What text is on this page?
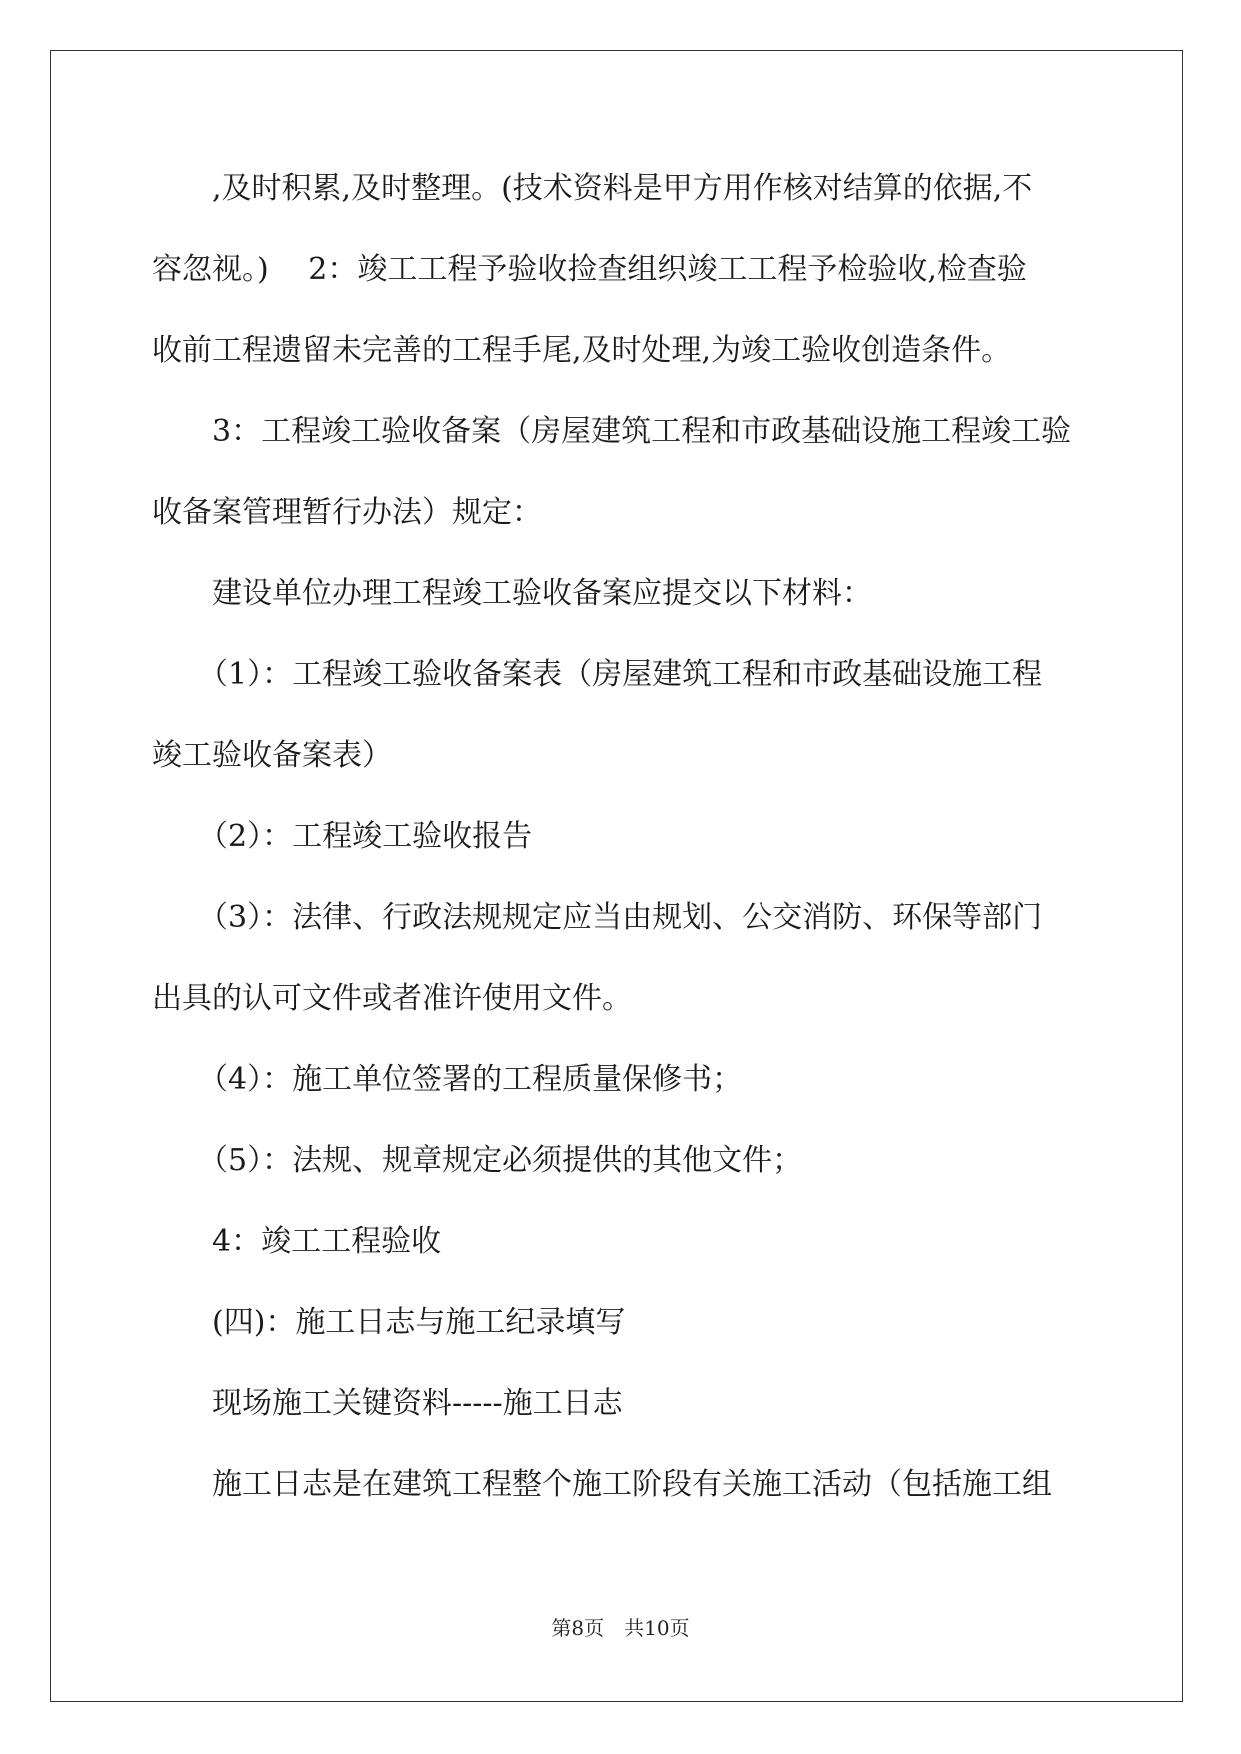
,及时积累,及时整理。(技术资料是甲方用作核对结算的依据,不
容忽视。)　 2：竣工工程予验收捡查组织竣工工程予检验收,检查验
收前工程遗留未完善的工程手尾,及时处理,为竣工验收创造条件。
3：工程竣工验收备案（房屋建筑工程和市政基础设施工程竣工验
收备案管理暂行办法）规定：
建设单位办理工程竣工验收备案应提交以下材料：
（1）：工程竣工验收备案表（房屋建筑工程和市政基础设施工程
竣工验收备案表）
（2）：工程竣工验收报告
（3）：法律、行政法规规定应当由规划、公交消防、环保等部门
出具的认可文件或者准许使用文件。
（4）：施工单位签署的工程质量保修书；
（5）：法规、规章规定必须提供的其他文件；
4：竣工工程验收
(四)：施工日志与施工纪录填写
现场施工关键资料-----施工日志
施工日志是在建筑工程整个施工阶段有关施工活动（包括施工组
第8页　共10页
